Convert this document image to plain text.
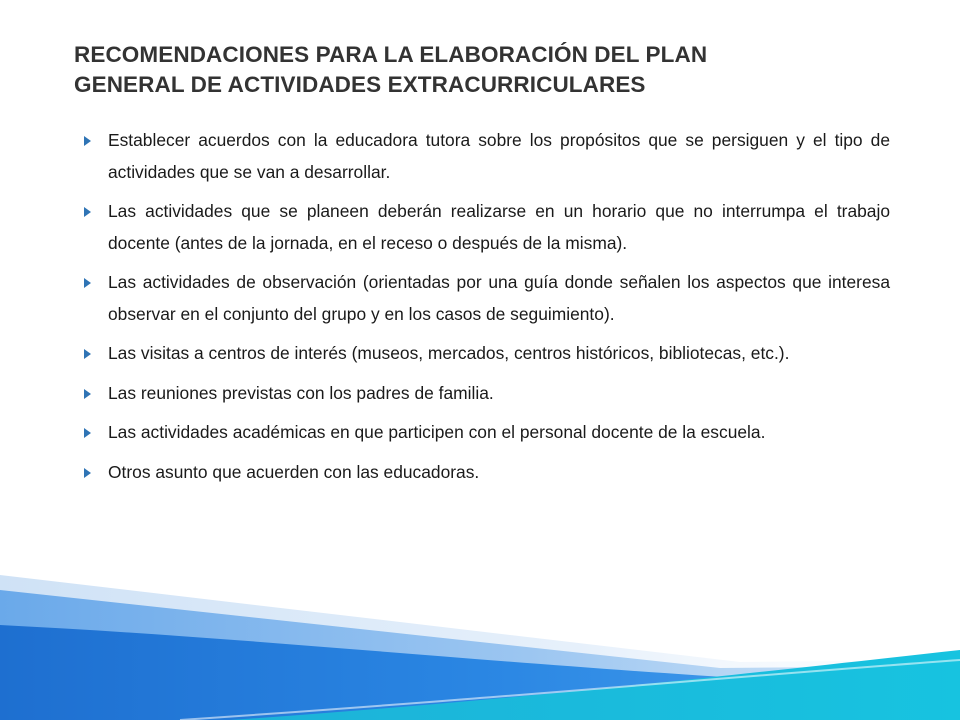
RECOMENDACIONES PARA LA ELABORACIÓN DEL PLAN
GENERAL DE ACTIVIDADES EXTRACURRICULARES
Establecer acuerdos con la educadora tutora sobre los propósitos que se persiguen y el tipo de actividades que se van a desarrollar.
Las actividades que se planeen deberán realizarse en un horario que no interrumpa el trabajo docente (antes de la jornada, en el receso o después de la misma).
Las actividades de observación (orientadas por una guía donde señalen los aspectos que interesa observar en el conjunto del grupo y en los casos de seguimiento).
Las visitas a centros de interés (museos, mercados, centros históricos, bibliotecas, etc.).
Las reuniones previstas con los padres de familia.
Las actividades académicas en que participen con el personal docente de la escuela.
Otros asunto que acuerden con las educadoras.
